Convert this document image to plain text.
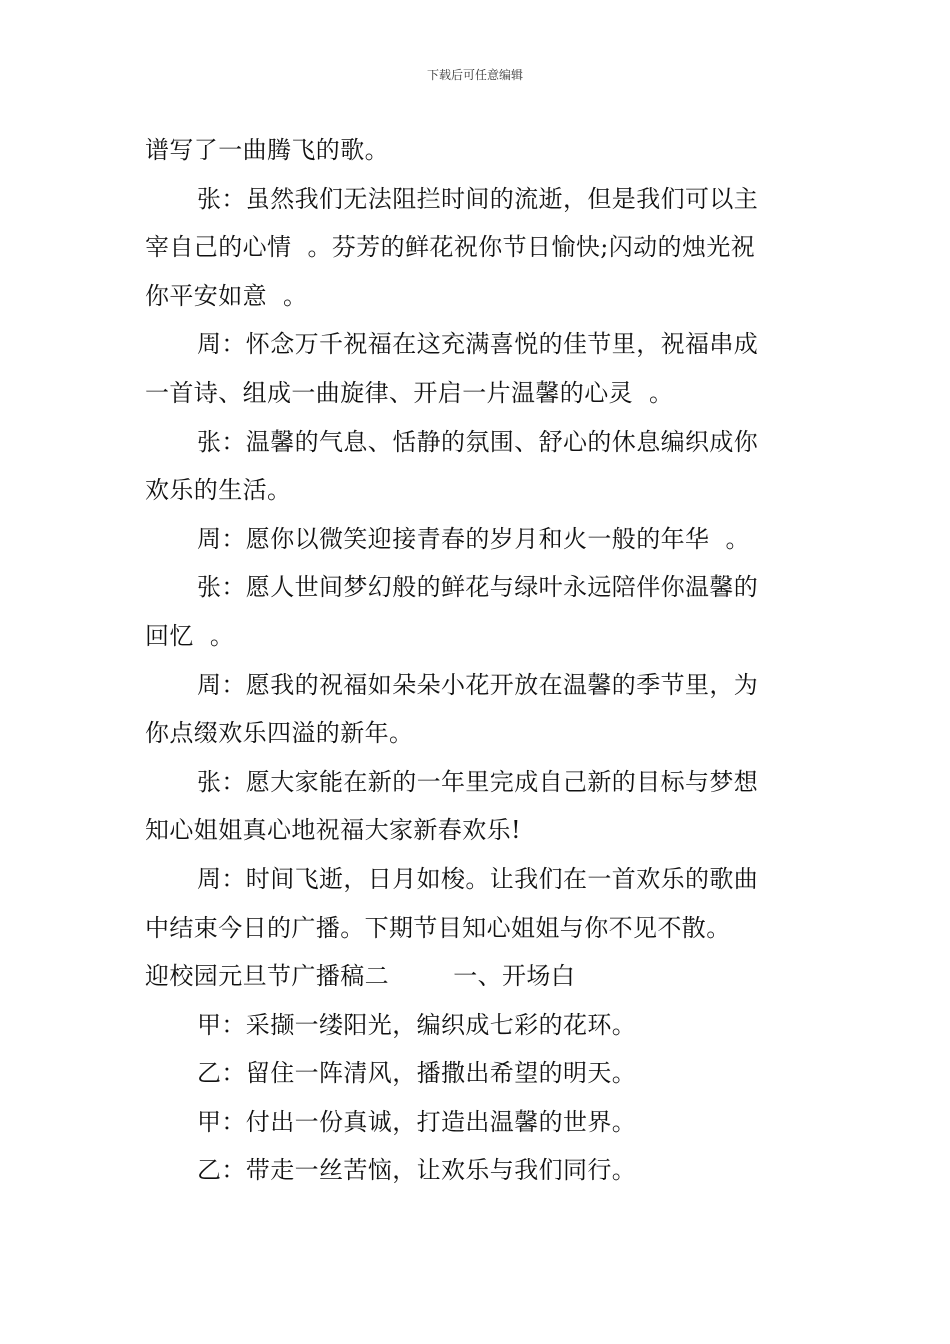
下载后可任意编辑
谱写了一曲腾飞的歌。
张：虽然我们无法阻拦时间的流逝，但是我们可以主
宰自己的心情  。芬芳的鲜花祝你节日愉快;闪动的烛光祝
你平安如意  。
周：怀念万千祝福在这充满喜悦的佳节里，祝福串成
一首诗、组成一曲旋律、开启一片温馨的心灵  。
张：温馨的气息、恬静的氛围、舒心的休息编织成你
欢乐的生活。
周：愿你以微笑迎接青春的岁月和火一般的年华  。
张：愿人世间梦幻般的鲜花与绿叶永远陪伴你温馨的
回忆  。
周：愿我的祝福如朵朵小花开放在温馨的季节里，为
你点缀欢乐四溢的新年。
张：愿大家能在新的一年里完成自己新的目标与梦想
知心姐姐真心地祝福大家新春欢乐!
周：时间飞逝，日月如梭。让我们在一首欢乐的歌曲
中结束今日的广播。下期节目知心姐姐与你不见不散。
迎校园元旦节广播稿二        一、开场白
甲：采撷一缕阳光，编织成七彩的花环。
乙：留住一阵清风，播撒出希望的明天。
甲：付出一份真诚，打造出温馨的世界。
乙：带走一丝苦恼，让欢乐与我们同行。
